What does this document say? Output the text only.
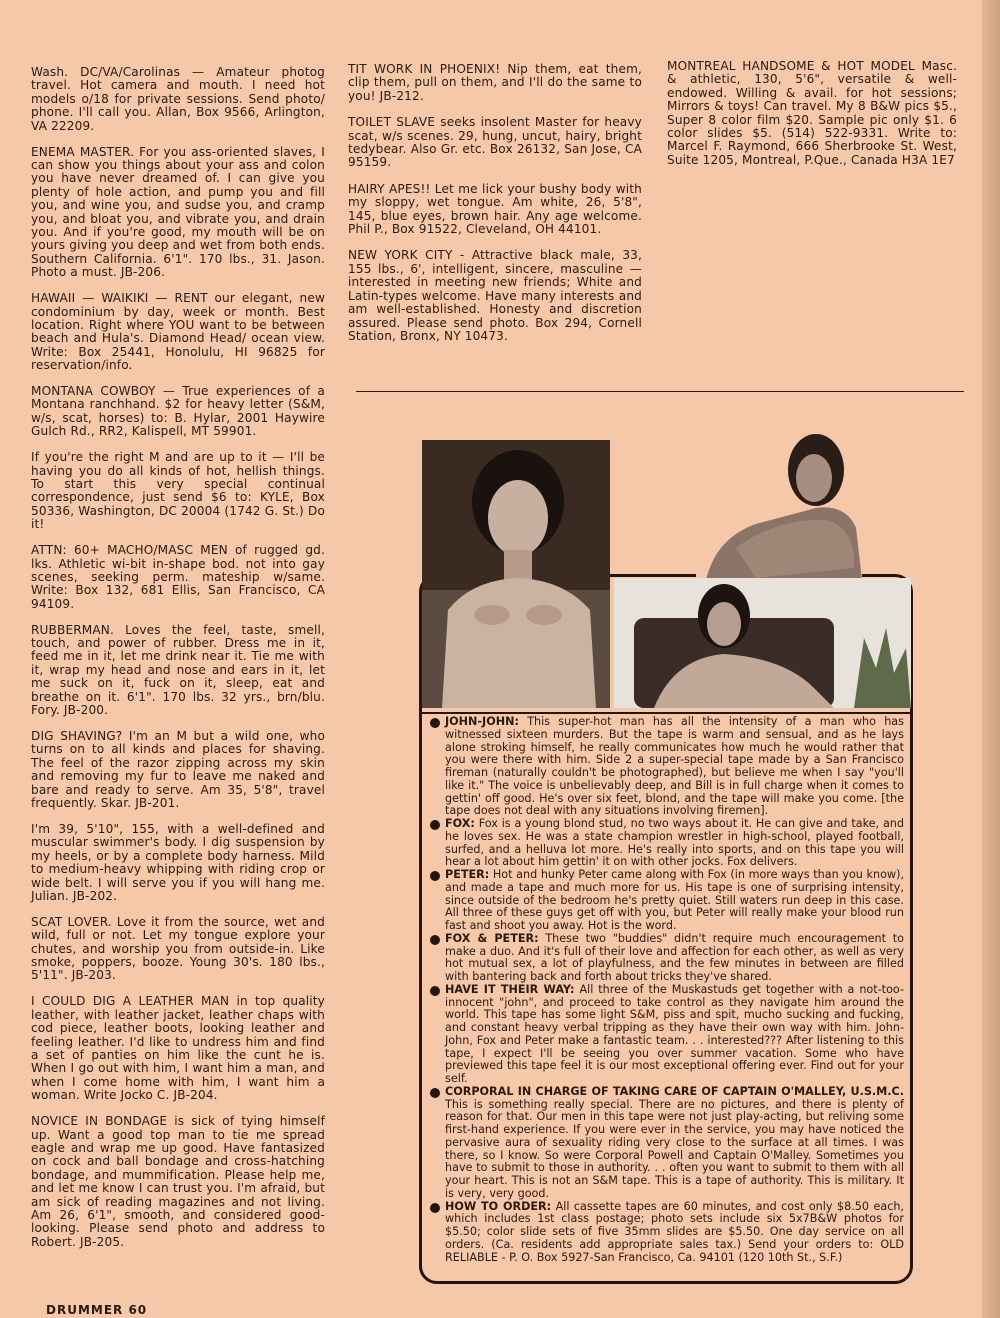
Wash. DC/VA/Carolinas — Amateur photog travel. Hot camera and mouth. I need hot models o/18 for private sessions. Send photo/ phone. I'll call you. Allan, Box 9566, Arlington, VA 22209.

ENEMA MASTER. For you ass-oriented slaves, I can show you things about your ass and colon you have never dreamed of. I can give you plenty of hole action, and pump you and fill you, and wine you, and sudse you, and cramp you, and bloat you, and vibrate you, and drain you. And if you're good, my mouth will be on yours giving you deep and wet from both ends. Southern California. 6'1". 170 lbs., 31. Jason. Photo a must. JB-206.

HAWAII — WAIKIKI — RENT our elegant, new condominium by day, week or month. Best location. Right where YOU want to be between beach and Hula's. Diamond Head/ ocean view. Write: Box 25441, Honolulu, HI 96825 for reservation/info.

MONTANA COWBOY — True experiences of a Montana ranchhand. $2 for heavy letter (S&M, w/s, scat, horses) to: B. Hylar, 2001 Haywire Gulch Rd., RR2, Kalispell, MT 59901.

If you're the right M and are up to it — I'll be having you do all kinds of hot, hellish things. To start this very special continual correspondence, just send $6 to: KYLE, Box 50336, Washington, DC 20004 (1742 G. St.) Do it!

ATTN: 60+ MACHO/MASC MEN of rugged gd. lks. Athletic wi-bit in-shape bod. not into gay scenes, seeking perm. mateship w/same. Write: Box 132, 681 Ellis, San Francisco, CA 94109.

RUBBERMAN. Loves the feel, taste, smell, touch, and power of rubber. Dress me in it, feed me in it, let me drink near it. Tie me with it, wrap my head and nose and ears in it, let me suck on it, fuck on it, sleep, eat and breathe on it. 6'1". 170 lbs. 32 yrs., brn/blu. Fory. JB-200.

DIG SHAVING? I'm an M but a wild one, who turns on to all kinds and places for shaving. The feel of the razor zipping across my skin and removing my fur to leave me naked and bare and ready to serve. Am 35, 5'8", travel frequently. Skar. JB-201.

I'm 39, 5'10", 155, with a well-defined and muscular swimmer's body. I dig suspension by my heels, or by a complete body harness. Mild to medium-heavy whipping with riding crop or wide belt. I will serve you if you will hang me. Julian. JB-202.

SCAT LOVER. Love it from the source, wet and wild, full or not. Let my tongue explore your chutes, and worship you from outside-in. Like smoke, poppers, booze. Young 30's. 180 lbs., 5'11". JB-203.

I COULD DIG A LEATHER MAN in top quality leather, with leather jacket, leather chaps with cod piece, leather boots, looking leather and feeling leather. I'd like to undress him and find a set of panties on him like the cunt he is. When I go out with him, I want him a man, and when I come home with him, I want him a woman. Write Jocko C. JB-204.

NOVICE IN BONDAGE is sick of tying himself up. Want a good top man to tie me spread eagle and wrap me up good. Have fantasized on cock and ball bondage and cross-hatching bondage, and mummification. Please help me, and let me know I can trust you. I'm afraid, but am sick of reading magazines and not living. Am 26, 6'1", smooth, and considered good-looking. Please send photo and address to Robert. JB-205.

TIT WORK IN PHOENIX! Nip them, eat them, clip them, pull on them, and I'll do the same to you! JB-212.

TOILET SLAVE seeks insolent Master for heavy scat, w/s scenes. 29, hung, uncut, hairy, bright tedybear. Also Gr. etc. Box 26132, San Jose, CA 95159.

HAIRY APES!! Let me lick your bushy body with my sloppy, wet tongue. Am white, 26, 5'8", 145, blue eyes, brown hair. Any age welcome. Phil P., Box 91522, Cleveland, OH 44101.

NEW YORK CITY - Attractive black male, 33, 155 lbs., 6', intelligent, sincere, masculine — interested in meeting new friends; White and Latin-types welcome. Have many interests and am well-established. Honesty and discretion assured. Please send photo. Box 294, Cornell Station, Bronx, NY 10473.

MONTREAL HANDSOME & HOT MODEL Masc. & athletic, 130, 5'6", versatile & well-endowed. Willing & avail. for hot sessions; Mirrors & toys! Can travel. My 8 B&W pics $5., Super 8 color film $20. Sample pic only $1. 6 color slides $5. (514) 522-9331. Write to: Marcel F. Raymond, 666 Sherbrooke St. West, Suite 1205, Montreal, P.Que., Canada H3A 1E7

JOHN-JOHN: This super-hot man has all the intensity of a man who has witnessed sixteen murders. But the tape is warm and sensual, and as he lays alone stroking himself, he really communicates how much he would rather that you were there with him. Side 2 a super-special tape made by a San Francisco fireman (naturally couldn't be photographed), but believe me when I say "you'll like it." The voice is unbelievably deep, and Bill is in full charge when it comes to gettin' off good. He's over six feet, blond, and the tape will make you come. [the tape does not deal with any situations involving firemen].

FOX: Fox is a young blond stud, no two ways about it. He can give and take, and he loves sex. He was a state champion wrestler in high-school, played football, surfed, and a helluva lot more. He's really into sports, and on this tape you will hear a lot about him gettin' it on with other jocks. Fox delivers.

PETER: Hot and hunky Peter came along with Fox (in more ways than you know), and made a tape and much more for us. His tape is one of surprising intensity, since outside of the bedroom he's pretty quiet. Still waters run deep in this case. All three of these guys get off with you, but Peter will really make your blood run fast and shoot you away. Hot is the word.

FOX & PETER: These two "buddies" didn't require much encouragement to make a duo. And it's full of their love and affection for each other, as well as very hot mutual sex, a lot of playfulness, and the few minutes in between are filled with bantering back and forth about tricks they've shared.

HAVE IT THEIR WAY: All three of the Muskastuds get together with a not-too-innocent "john", and proceed to take control as they navigate him around the world. This tape has some light S&M, piss and spit, mucho sucking and fucking, and constant heavy verbal tripping as they have their own way with him. John-John, Fox and Peter make a fantastic team. . . interested??? After listening to this tape, I expect I'll be seeing you over summer vacation. Some who have previewed this tape feel it is our most exceptional offering ever. Find out for your self.

CORPORAL IN CHARGE OF TAKING CARE OF CAPTAIN O'MALLEY, U.S.M.C. This is something really special. There are no pictures, and there is plenty of reason for that. Our men in this tape were not just play-acting, but reliving some first-hand experience. If you were ever in the service, you may have noticed the pervasive aura of sexuality riding very close to the surface at all times. I was there, so I know. So were Corporal Powell and Captain O'Malley. Sometimes you have to submit to those in authority. . . often you want to submit to them with all your heart. This is not an S&M tape. This is a tape of authority. This is military. It is very, very good.

HOW TO ORDER: All cassette tapes are 60 minutes, and cost only $8.50 each, which includes 1st class postage; photo sets include six 5x7B&W photos for $5.50; color slide sets of five 35mm slides are $5.50. One day service on all orders. (Ca. residents add appropriate sales tax.) Send your orders to: OLD RELIABLE - P. O. Box 5927-San Francisco, Ca. 94101 (120 10th St., S.F.)

DRUMMER 60
